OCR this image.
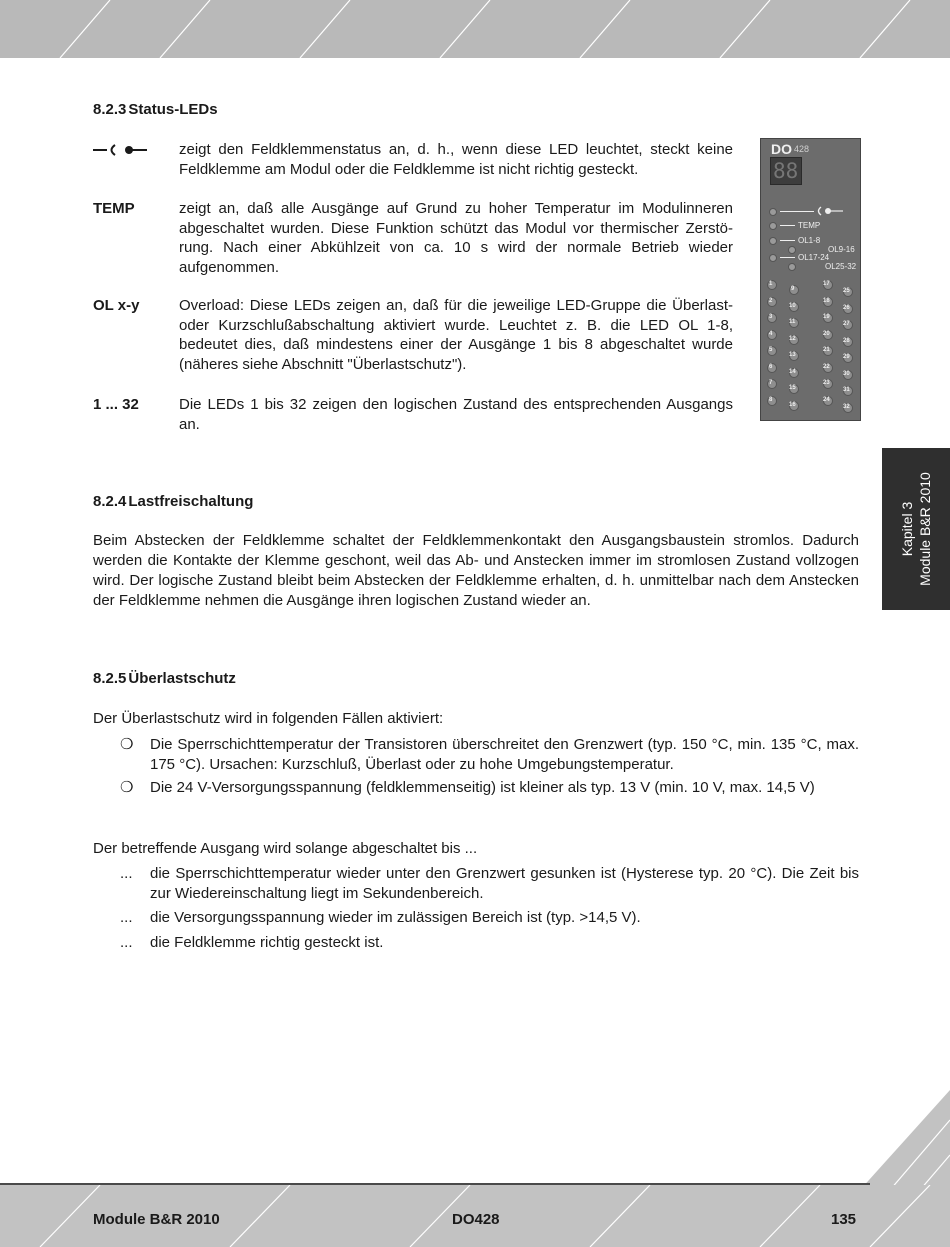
8.2.3 Status-LEDs
zeigt den Feldklemmenstatus an, d. h., wenn diese LED leuchtet, steckt keine Feldklemme am Modul oder die Feldklemme ist nicht richtig gesteckt.
TEMP	zeigt an, daß alle Ausgänge auf Grund zu hoher Temperatur im Modulinneren abgeschaltet wurden. Diese Funktion schützt das Modul vor thermischer Zerstö-rung. Nach einer Abkühlzeit von ca. 10 s wird der normale Betrieb wieder aufgenommen.
OL x-y	Overload: Diese LEDs zeigen an, daß für die jeweilige LED-Gruppe die Überlast- oder Kurzschlußabschaltung aktiviert wurde. Leuchtet z. B. die LED OL 1-8, bedeutet dies, daß mindestens einer der Ausgänge 1 bis 8 abgeschaltet wurde (näheres siehe Abschnitt "Überlastschutz").
1 ... 32	Die LEDs 1 bis 32 zeigen den logischen Zustand des entsprechenden Ausgangs an.
DO 428
88
TEMP
OL1-8
OL9-16
OL17-24
OL25-32
1
2
3
4
5
6
7
8
9
10
11
12
13
14
15
16
17
18
19
20
21
22
23
24
25
26
27
28
29
30
31
32
8.2.4 Lastfreischaltung
Beim Abstecken der Feldklemme schaltet der Feldklemmenkontakt den Ausgangsbaustein stromlos. Dadurch werden die Kontakte der Klemme geschont, weil das Ab- und Anstecken immer im stromlosen Zustand vollzogen wird. Der logische Zustand bleibt beim Abstecken der Feldklemme erhalten, d. h. unmittelbar nach dem Anstecken der Feldklemme nehmen die Ausgänge ihren logischen Zustand wieder an.
8.2.5 Überlastschutz
Der Überlastschutz wird in folgenden Fällen aktiviert:
❍	Die Sperrschichttemperatur der Transistoren überschreitet den Grenzwert (typ. 150 °C, min. 135 °C, max. 175 °C). Ursachen: Kurzschluß, Überlast oder zu hohe Umgebungstemperatur.
❍	Die 24 V-Versorgungsspannung (feldklemmenseitig) ist kleiner als typ. 13 V (min. 10 V, max. 14,5 V)
Der betreffende Ausgang wird solange abgeschaltet bis ...
...	die Sperrschichttemperatur wieder unter den Grenzwert gesunken ist (Hysterese typ. 20 °C). Die Zeit bis zur Wiedereinschaltung liegt im Sekundenbereich.
...	die Versorgungsspannung wieder im zulässigen Bereich ist (typ. >14,5 V).
...	die Feldklemme richtig gesteckt ist.
Kapitel 3 Module B&R 2010
Module B&R 2010	DO428	135
